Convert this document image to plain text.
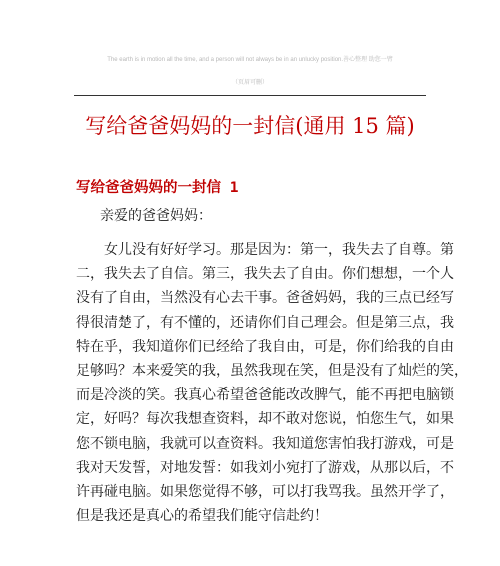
The earth is in motion all the time, and a person will not always be in an unlucky position.善心整理 助您一臂
（页眉可删）
写给爸爸妈妈的一封信(通用 15 篇)
写给爸爸妈妈的一封信 1
亲爱的爸爸妈妈：
　　女儿没有好好学习。那是因为：第一，我失去了自尊。第
二，我失去了自信。第三，我失去了自由。你们想想，一个人
没有了自由，当然没有心去干事。爸爸妈妈，我的三点已经写
得很清楚了，有不懂的，还请你们自己理会。但是第三点，我
特在乎，我知道你们已经给了我自由，可是，你们给我的自由
足够吗？本来爱笑的我，虽然我现在笑，但是没有了灿烂的笑，
而是冷淡的笑。我真心希望爸爸能改改脾气，能不再把电脑锁
定，好吗？每次我想查资料，却不敢对您说，怕您生气，如果
您不锁电脑，我就可以查资料。我知道您害怕我打游戏，可是
我对天发誓，对地发誓：如我刘小宛打了游戏，从那以后，不
许再碰电脑。如果您觉得不够，可以打我骂我。虽然开学了，
但是我还是真心的希望我们能守信赴约！
